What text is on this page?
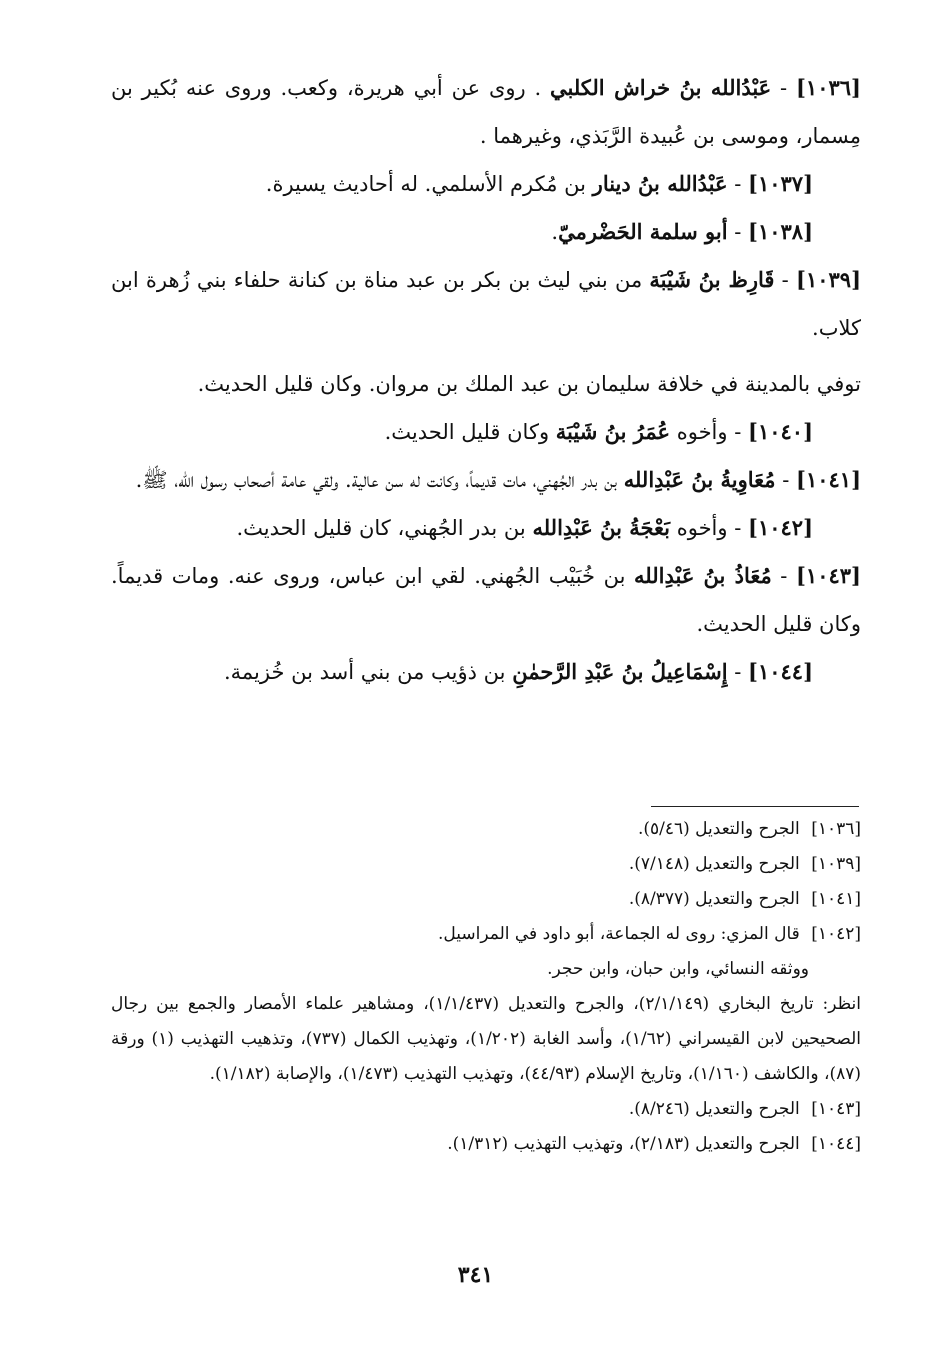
[١٠٣٦] - عَبْدُالله بنُ خراش الكلبي . روى عن أبي هريرة، وكعب. وروى عنه بُكير بن مِسمار، وموسى بن عُبيدة الرَّبَذي، وغيرهما .

[١٠٣٧] - عَبْدُالله بنُ دينار بن مُكرم الأسلمي. له أحاديث يسيرة.

[١٠٣٨] - أبو سلمة الحَضْرميّ.

[١٠٣٩] - قَارِظ بنُ شَيْبَة من بني ليث بن بكر بن عبد مناة بن كنانة حلفاء بني زُهرة ابن كلاب.

توفي بالمدينة في خلافة سليمان بن عبد الملك بن مروان. وكان قليل الحديث.

[١٠٤٠] - وأخوه عُمَرُ بنُ شَيْبَة وكان قليل الحديث.

[١٠٤١] - مُعَاوِيةُ بنُ عَبْدِالله بن بدر الجُهني، مات قديماً، وكانت له سن عالية. ولقي عامة أصحاب رسول الله، ﷺ.

[١٠٤٢] - وأخوه بَعْجَةُ بنُ عَبْدِالله بن بدر الجُهني، كان قليل الحديث.

[١٠٤٣] - مُعَاذُ بنُ عَبْدِالله بن خُبَيْب الجُهني. لقي ابن عباس، وروى عنه. ومات قديماً. وكان قليل الحديث.

[١٠٤٤] - إِسْمَاعِيلُ بنُ عَبْدِ الرَّحمٰنِ بن ذؤيب من بني أسد بن خُزيمة.

[١٠٣٦] الجرح والتعديل (٥/٤٦).

[١٠٣٩] الجرح والتعديل (٧/١٤٨).

[١٠٤١] الجرح والتعديل (٨/٣٧٧).

[١٠٤٢] قال المزي: روى له الجماعة، أبو داود في المراسيل.

ووثقه النسائي، وابن حبان، وابن حجر.

انظر: تاريخ البخاري (٢/١/١٤٩)، والجرح والتعديل (١/١/٤٣٧)، ومشاهير علماء الأمصار والجمع بين رجال الصحيحين لابن القيسراني (١/٦٢)، وأسد الغابة (١/٢٠٢)، وتهذيب الكمال (٧٣٧)، وتذهيب التهذيب (١) ورقة (٨٧)، والكاشف (١/١٦٠)، وتاريخ الإسلام (٤٤/٩٣)، وتهذيب التهذيب (١/٤٧٣)، والإصابة (١/١٨٢).

[١٠٤٣] الجرح والتعديل (٨/٢٤٦).

[١٠٤٤] الجرح والتعديل (٢/١٨٣)، وتهذيب التهذيب (١/٣١٢).

٣٤١
